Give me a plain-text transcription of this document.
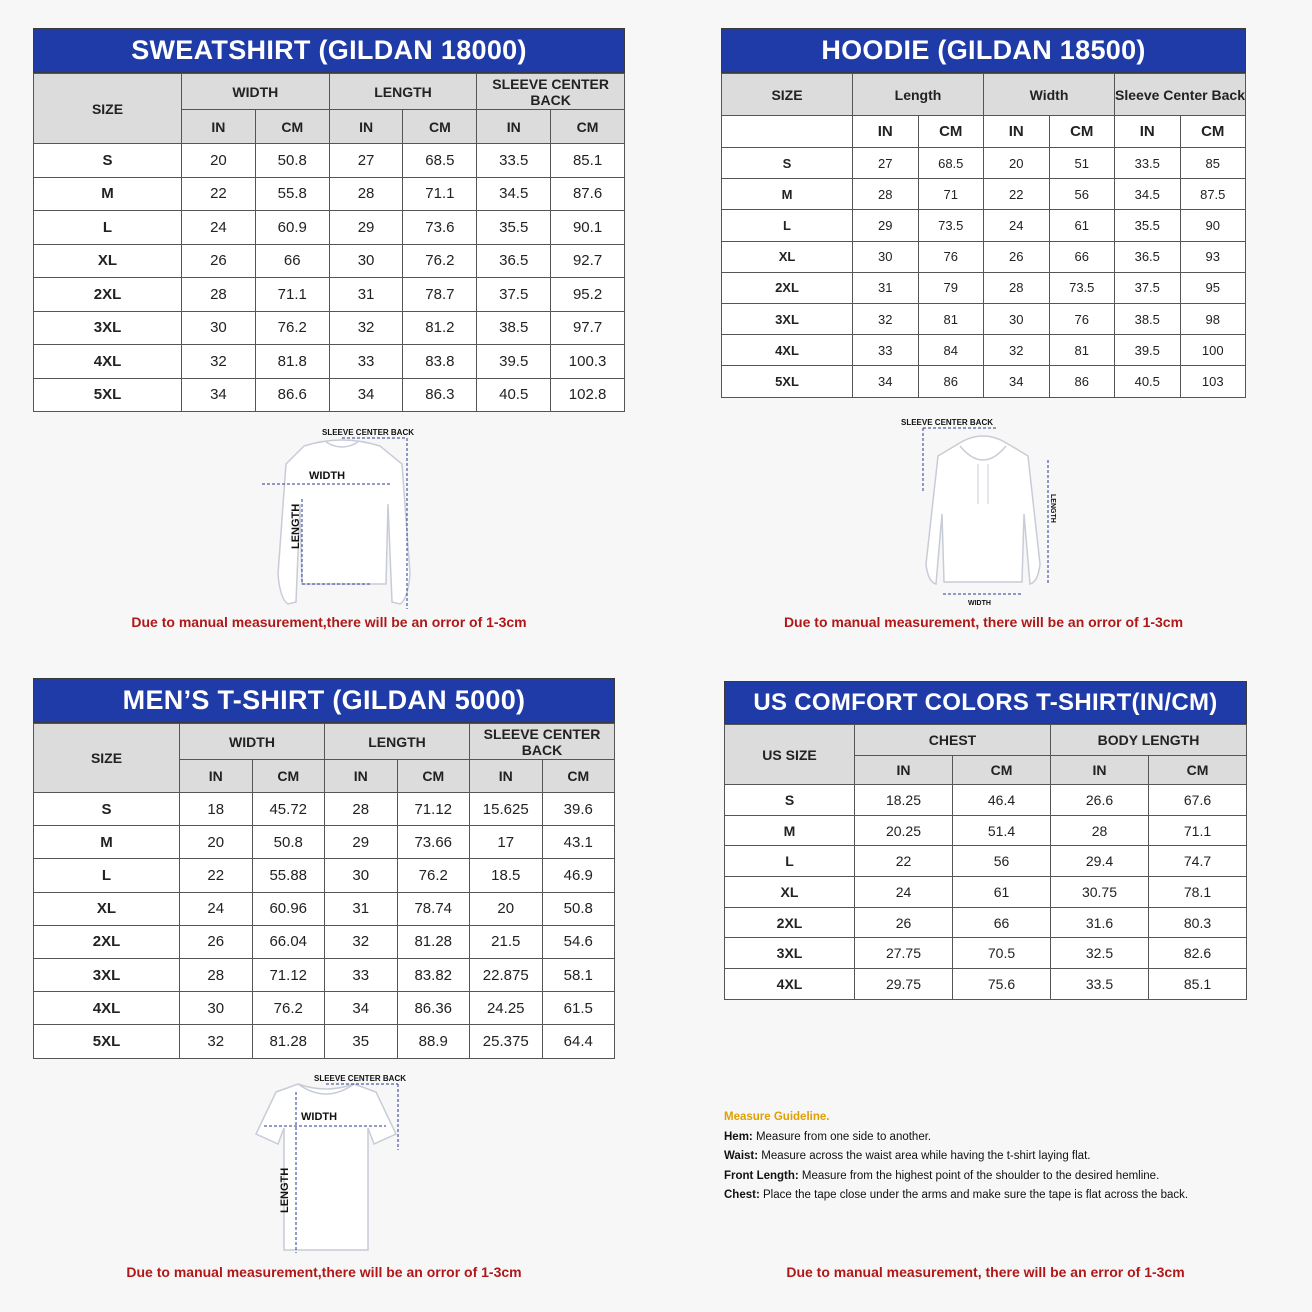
SWEATSHIRT (GILDAN 18000)
SIZE	WIDTH		LENGTH		SLEEVE CENTER BACK	
	IN	CM	IN	CM	IN	CM
S	20	50.8	27	68.5	33.5	85.1
M	22	55.8	28	71.1	34.5	87.6
L	24	60.9	29	73.6	35.5	90.1
XL	26	66	30	76.2	36.5	92.7
2XL	28	71.1	31	78.7	37.5	95.2
3XL	30	76.2	32	81.2	38.5	97.7
4XL	32	81.8	33	83.8	39.5	100.3
5XL	34	86.6	34	86.3	40.5	102.8
SLEEVE CENTER BACK
WIDTH
LENGTH
Due to manual measurement,there will be an orror of 1-3cm
HOODIE (GILDAN 18500)
SIZE	Length		Width		Sleeve Center Back	
	IN	CM	IN	CM	IN	CM
S	27	68.5	20	51	33.5	85
M	28	71	22	56	34.5	87.5
L	29	73.5	24	61	35.5	90
XL	30	76	26	66	36.5	93
2XL	31	79	28	73.5	37.5	95
3XL	32	81	30	76	38.5	98
4XL	33	84	32	81	39.5	100
5XL	34	86	34	86	40.5	103
SLEEVE CENTER BACK
LENGTH
WIDTH
Due to manual measurement, there will be an orror of 1-3cm
MEN’S T-SHIRT (GILDAN 5000)
SIZE	WIDTH		LENGTH		SLEEVE CENTER BACK	
	IN	CM	IN	CM	IN	CM
S	18	45.72	28	71.12	15.625	39.6
M	20	50.8	29	73.66	17	43.1
L	22	55.88	30	76.2	18.5	46.9
XL	24	60.96	31	78.74	20	50.8
2XL	26	66.04	32	81.28	21.5	54.6
3XL	28	71.12	33	83.82	22.875	58.1
4XL	30	76.2	34	86.36	24.25	61.5
5XL	32	81.28	35	88.9	25.375	64.4
SLEEVE CENTER BACK
WIDTH
LENGTH
Due to manual measurement,there will be an orror of 1-3cm
US COMFORT COLORS T-SHIRT(IN/CM)
US SIZE	CHEST		BODY LENGTH	
	IN	CM	IN	CM
S	18.25	46.4	26.6	67.6
M	20.25	51.4	28	71.1
L	22	56	29.4	74.7
XL	24	61	30.75	78.1
2XL	26	66	31.6	80.3
3XL	27.75	70.5	32.5	82.6
4XL	29.75	75.6	33.5	85.1
Measure Guideline.
Hem: Measure from one side to another.
Waist: Measure across the waist area while having the t-shirt laying flat.
Front Length: Measure from the highest point of the shoulder to the desired hemline.
Chest: Place the tape close under the arms and make sure the tape is flat across the back.
Due to manual measurement, there will be an error of 1-3cm
